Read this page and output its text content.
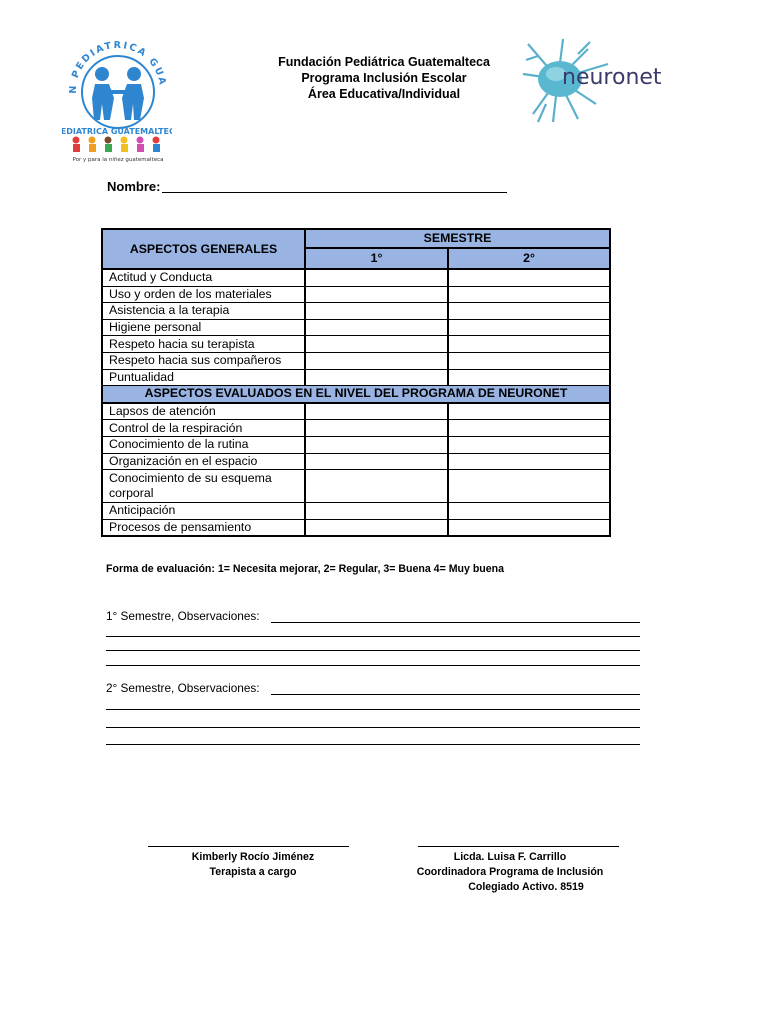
N PEDIATRICA GUA
EDIATRICA GUATEMALTEC
Por y para la niñez guatemalteca
Fundación Pediátrica Guatemalteca
Programa Inclusión Escolar
Área Educativa/Individual
neuronet
Nombre:
ASPECTOS GENERALES	SEMESTRE	
	1°	2°
Actitud y Conducta		
Uso y orden de los materiales		
Asistencia a la terapia		
Higiene personal		
Respeto hacia su terapista		
Respeto hacia sus compañeros		
Puntualidad		
ASPECTOS EVALUADOS EN EL NIVEL DEL PROGRAMA DE NEURONET		
Lapsos de atención		
Control de la respiración		
Conocimiento de la rutina		
Organización en el espacio		
Conocimiento de su esquema corporal		
Anticipación		
Procesos de pensamiento		
Forma de evaluación: 1= Necesita mejorar, 2= Regular, 3= Buena 4= Muy buena
1° Semestre, Observaciones:
2° Semestre, Observaciones:
Kimberly Rocío Jiménez
Terapista a cargo
Licda. Luisa F. Carrillo
Coordinadora Programa de Inclusión
Colegiado Activo. 8519
